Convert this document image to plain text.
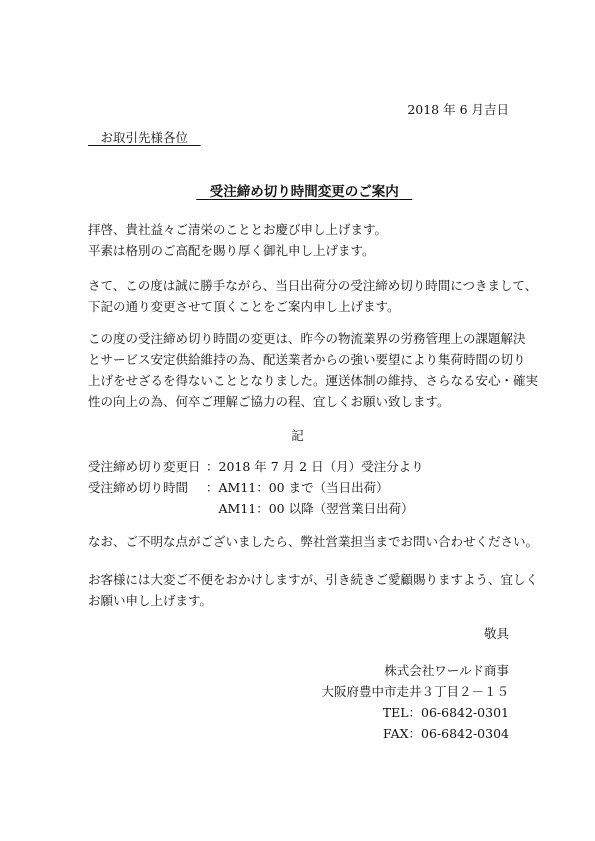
2018 年 6 月吉日
　お取引先様各位　
　受注締め切り時間変更のご案内　
拝啓、貴社益々ご清栄のこととお慶び申し上げます。
平素は格別のご高配を賜り厚く御礼申し上げます。
さて、この度は誠に勝手ながら、当日出荷分の受注締め切り時間につきまして、
下記の通り変更させて頂くことをご案内申し上げます。
この度の受注締め切り時間の変更は、昨今の物流業界の労務管理上の課題解決
とサービス安定供給維持の為、配送業者からの強い要望により集荷時間の切り
上げをせざるを得ないこととなりました。運送体制の維持、さらなる安心・確実
性の向上の為、何卒ご理解ご協力の程、宜しくお願い致します。
記
受注締め切り変更日 ：2018 年 7 月 2 日（月）受注分より
受注締め切り時間 ：AM11：00 まで（当日出荷）
AM11：00 以降（翌営業日出荷）
なお、ご不明な点がございましたら、弊社営業担当までお問い合わせください。
お客様には大変ご不便をおかけしますが、引き続きご愛顧賜りますよう、宜しく
お願い申し上げます。
敬具
株式会社ワールド商事
大阪府豊中市走井３丁目２－１５
TEL：06-6842-0301
FAX：06-6842-0304
